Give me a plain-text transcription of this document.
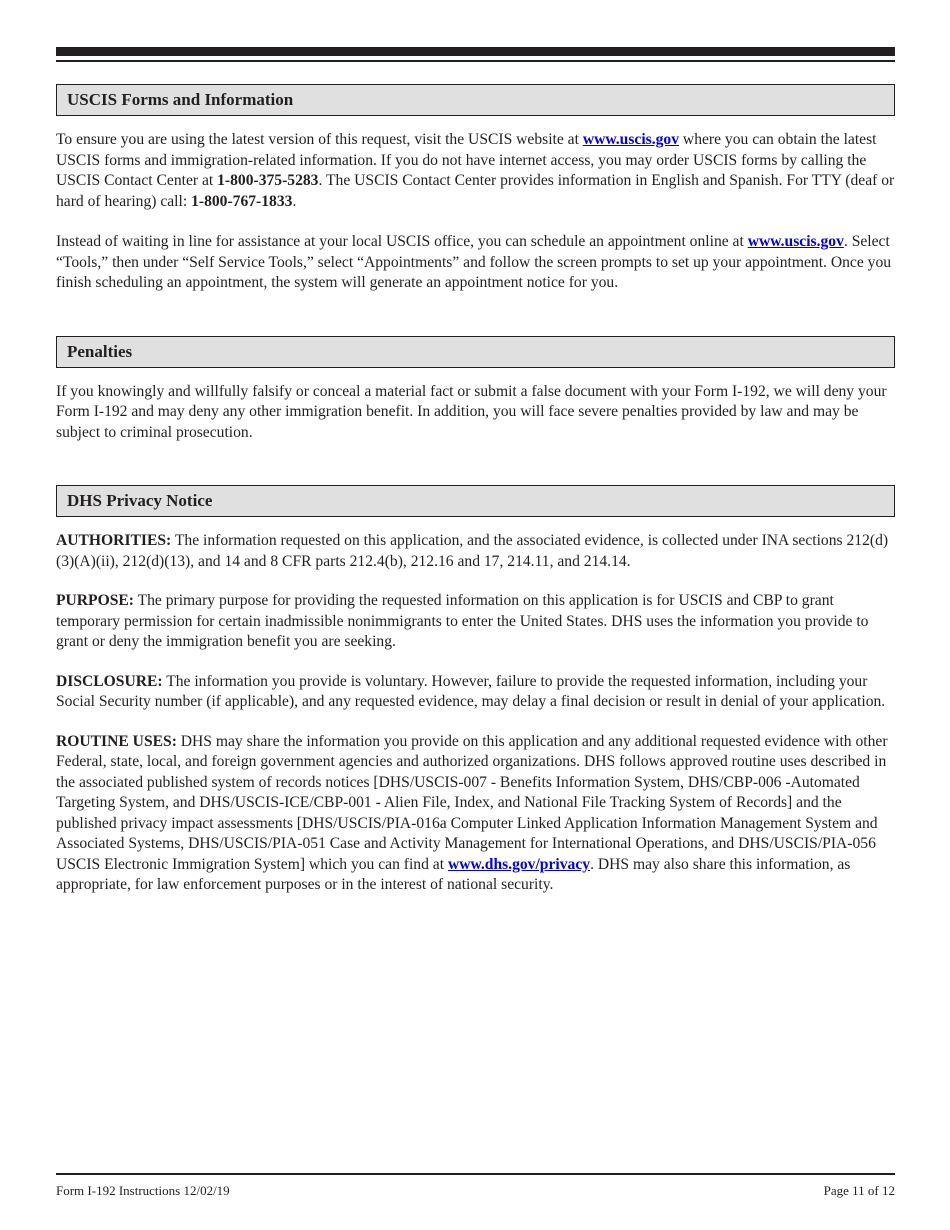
USCIS Forms and Information

To ensure you are using the latest version of this request, visit the USCIS website at www.uscis.gov where you can obtain the latest USCIS forms and immigration-related information. If you do not have internet access, you may order USCIS forms by calling the USCIS Contact Center at 1-800-375-5283. The USCIS Contact Center provides information in English and Spanish. For TTY (deaf or hard of hearing) call: 1-800-767-1833.

Instead of waiting in line for assistance at your local USCIS office, you can schedule an appointment online at www.uscis.gov. Select “Tools,” then under “Self Service Tools,” select “Appointments” and follow the screen prompts to set up your appointment. Once you finish scheduling an appointment, the system will generate an appointment notice for you.

Penalties

If you knowingly and willfully falsify or conceal a material fact or submit a false document with your Form I-192, we will deny your Form I-192 and may deny any other immigration benefit. In addition, you will face severe penalties provided by law and may be subject to criminal prosecution.

DHS Privacy Notice

AUTHORITIES: The information requested on this application, and the associated evidence, is collected under INA sections 212(d)(3)(A)(ii), 212(d)(13), and 14 and 8 CFR parts 212.4(b), 212.16 and 17, 214.11, and 214.14.

PURPOSE: The primary purpose for providing the requested information on this application is for USCIS and CBP to grant temporary permission for certain inadmissible nonimmigrants to enter the United States. DHS uses the information you provide to grant or deny the immigration benefit you are seeking.

DISCLOSURE: The information you provide is voluntary. However, failure to provide the requested information, including your Social Security number (if applicable), and any requested evidence, may delay a final decision or result in denial of your application.

ROUTINE USES: DHS may share the information you provide on this application and any additional requested evidence with other Federal, state, local, and foreign government agencies and authorized organizations. DHS follows approved routine uses described in the associated published system of records notices [DHS/USCIS-007 - Benefits Information System, DHS/CBP-006 -Automated Targeting System, and DHS/USCIS-ICE/CBP-001 - Alien File, Index, and National File Tracking System of Records] and the published privacy impact assessments [DHS/USCIS/PIA-016a Computer Linked Application Information Management System and Associated Systems, DHS/USCIS/PIA-051 Case and Activity Management for International Operations, and DHS/USCIS/PIA-056 USCIS Electronic Immigration System] which you can find at www.dhs.gov/privacy. DHS may also share this information, as appropriate, for law enforcement purposes or in the interest of national security.

Form I-192 Instructions 12/02/19	Page 11 of 12
